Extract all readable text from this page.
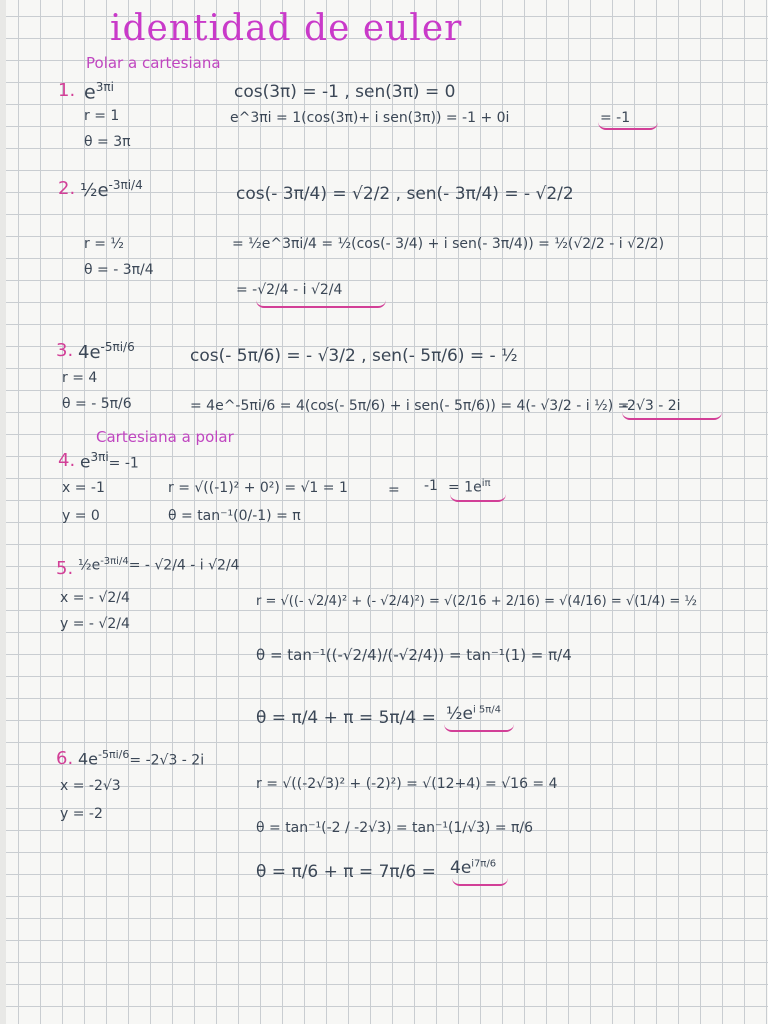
identidad de euler
Polar a cartesiana
1. $e^{3\pi i}$
r = 1
θ = 3π
cos(3π) = -1 , sen(3π) = 0
e^3πi = 1(cos(3π)+ i sen(3π)) = -1 + 0i	= -1
2. $\frac{1}{2}e^{-3\pi i/4}$
r = ½
θ = - 3π/4
cos(- 3π/4) = √2/2 , sen(- 3π/4) = - √2/2
= ½e^3πi/4 = ½(cos(- 3/4) + i sen(- 3π/4)) = ½(√2/2 - i √2/2)
= -√2/4 - i √2/4
3. $4e^{-5\pi i/6}$
r = 4
θ = - 5π/6
cos(- 5π/6) = - √3/2 , sen(- 5π/6) = - ½
= 4e^-5πi/6 = 4(cos(- 5π/6) + i sen(- 5π/6)) = 4(- √3/2 - i ½) =
-2√3 - 2i
Cartesiana a polar
4. $e^{3\pi i}= -1$
x = -1
y = 0
r = √((-1)² + 0²) = √1 = 1	=
θ = tan⁻¹(0/-1) = π
$-1 = 1e^{i\pi}$
5. $\frac{1}{2}e^{-3\pi i/4}= - √2/4 - i$ √2/4
x = - √2/4
y = - √2/4
r = √((- √2/4)² + (- √2/4)²) = √(2/16 + 2/16) = √(4/16) = √(1/4) = ½
θ = tan⁻¹((-√2/4)/(-√2/4)) = tan⁻¹(1) = π/4
$\theta = \pi/4 + \pi = 5\pi/4 = \frac{1}{2}e^{i 5\pi/4}$
6. $4e^{-5\pi i/6}= -2√3 - 2i$
x = -2√3
y = -2
r = √((-2√3)² + (-2)²) = √(12+4) = √16 = 4
θ = tan⁻¹(-2 / -2√3) = tan⁻¹(1/√3) = π/6
$\theta = \pi/6 + \pi = 7\pi/6 = 4e^{i7\pi/6}$
